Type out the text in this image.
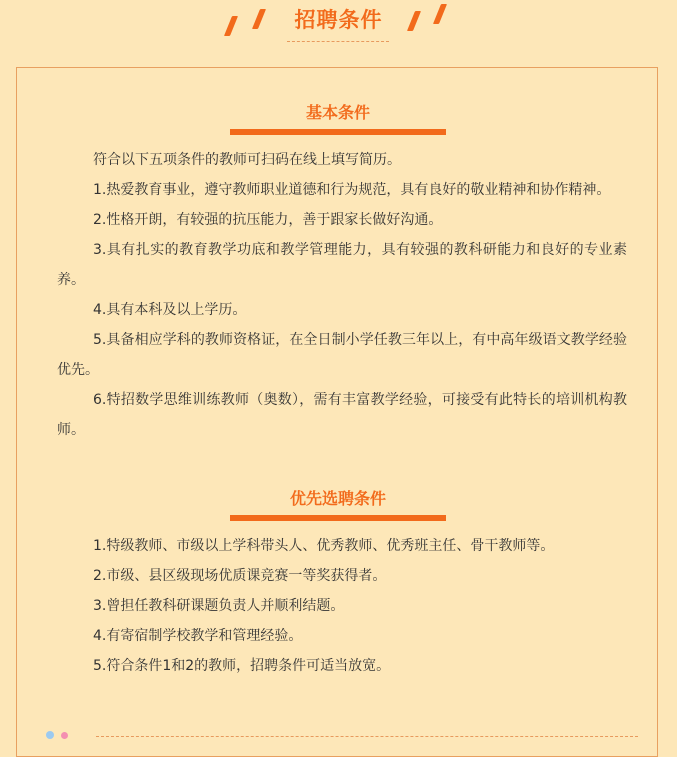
招聘条件
基本条件

符合以下五项条件的教师可扫码在线上填写简历。

1.热爱教育事业，遵守教师职业道德和行为规范，具有良好的敬业精神和协作精神。

2.性格开朗，有较强的抗压能力，善于跟家长做好沟通。

3.具有扎实的教育教学功底和教学管理能力，具有较强的教科研能力和良好的专业素养。

4.具有本科及以上学历。

5.具备相应学科的教师资格证，在全日制小学任教三年以上，有中高年级语文教学经验优先。

6.特招数学思维训练教师（奥数），需有丰富教学经验，可接受有此特长的培训机构教师。

优先选聘条件

1.特级教师、市级以上学科带头人、优秀教师、优秀班主任、骨干教师等。

2.市级、县区级现场优质课竞赛一等奖获得者。

3.曾担任教科研课题负责人并顺利结题。

4.有寄宿制学校教学和管理经验。

5.符合条件1和2的教师，招聘条件可适当放宽。
